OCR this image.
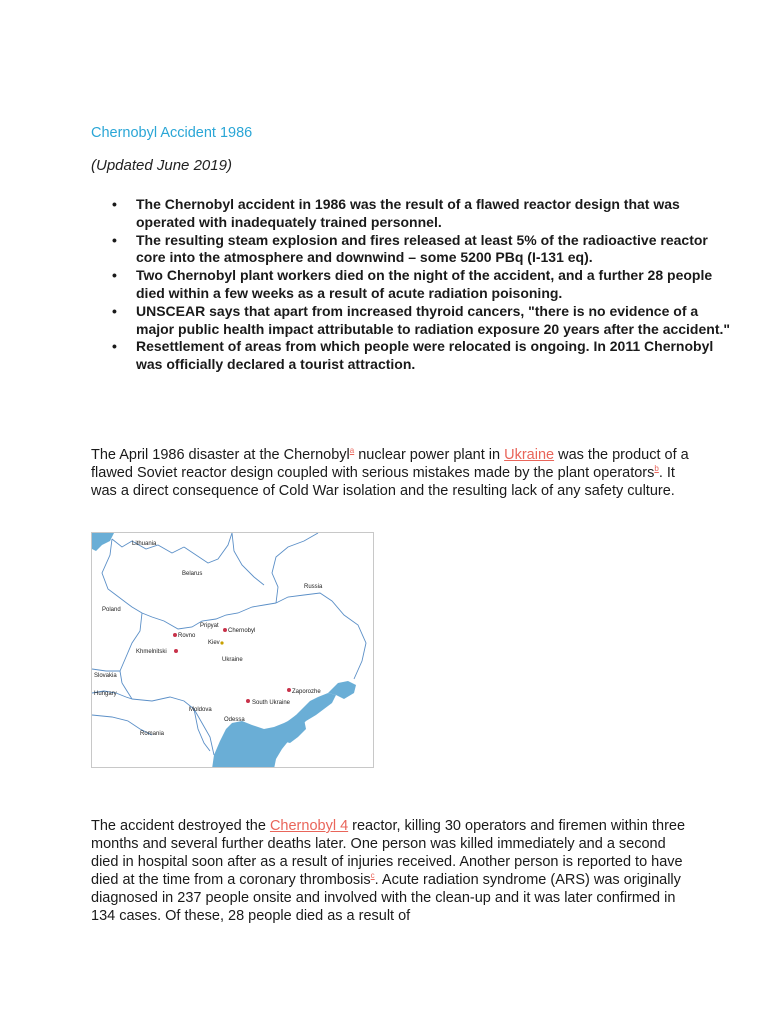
Chernobyl Accident 1986
(Updated June 2019)
• The Chernobyl accident in 1986 was the result of a flawed reactor design that was operated with inadequately trained personnel.
• The resulting steam explosion and fires released at least 5% of the radioactive reactor core into the atmosphere and downwind – some 5200 PBq (I-131 eq).
• Two Chernobyl plant workers died on the night of the accident, and a further 28 people died within a few weeks as a result of acute radiation poisoning.
• UNSCEAR says that apart from increased thyroid cancers, "there is no evidence of a major public health impact attributable to radiation exposure 20 years after the accident."
• Resettlement of areas from which people were relocated is ongoing. In 2011 Chernobyl was officially declared a tourist attraction.
The April 1986 disaster at the Chernobyl$^a$ nuclear power plant in Ukraine was the product of a flawed Soviet reactor design coupled with serious mistakes made by the plant operators$^b$. It was a direct consequence of Cold War isolation and the resulting lack of any safety culture.
Lithuania
Belarus
Russia
Poland
Pripyat
Chernobyl
Rovno
Kiev
Khmelnitski
Ukraine
Slovakia
Hungary	Zaporozhe
South Ukraine
Moldova
Odessa
Romania
The accident destroyed the Chernobyl 4 reactor, killing 30 operators and firemen within three months and several further deaths later. One person was killed immediately and a second died in hospital soon after as a result of injuries received. Another person is reported to have died at the time from a coronary thrombosis$^c$. Acute radiation syndrome (ARS) was originally diagnosed in 237 people onsite and involved with the clean-up and it was later confirmed in 134 cases. Of these, 28 people died as a result of
